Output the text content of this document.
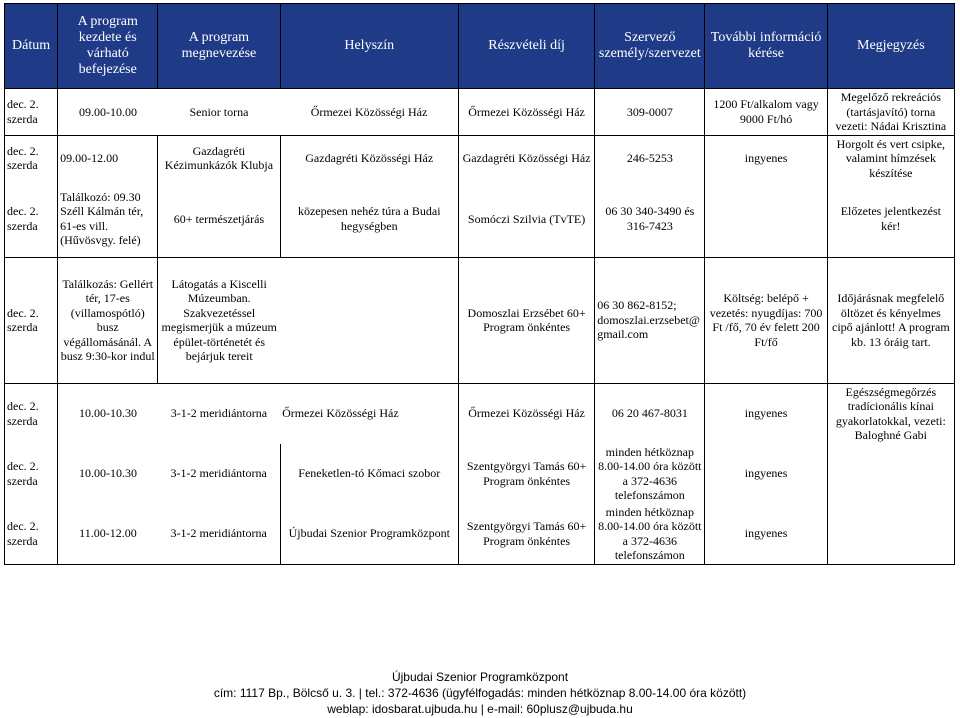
Dátum	A program kezdete és várható befejezése	A program megnevezése	Helyszín	Részvételi díj	Szervező személy/szervezet	További információ kérése	Megjegyzés
dec. 2. szerda	09.00-10.00	Senior torna	Őrmezei Közösségi Ház	Őrmezei Közösségi Ház	309-0007	1200 Ft/alkalom vagy 9000 Ft/hó	Megelőző rekreációs (tartásjavító) torna vezeti: Nádai Krisztina
dec. 2. szerda	09.00-12.00	Gazdagréti Kézimunkázók Klubja	Gazdagréti Közösségi Ház	Gazdagréti Közösségi Ház	246-5253	ingyenes	Horgolt és vert csipke, valamint hímzések készítése
dec. 2. szerda	Találkozó: 09.30 Széll Kálmán tér, 61-es vill. (Hűvösvgy. felé)	60+ természetjárás	közepesen nehéz túra a Budai hegységben	Somóczi Szilvia (TvTE)	06 30 340-3490 és 316-7423		Előzetes jelentkezést kér!
dec. 2. szerda	Találkozás: Gellért tér, 17-es (villamospótló) busz végállomásánál. A busz 9:30-kor indul	Látogatás a Kiscelli Múzeumban. Szakvezetéssel megismerjük a múzeum épület-történetét és bejárjuk tereit		Domoszlai Erzsébet 60+ Program önkéntes	06 30 862-8152; domoszlai.erzsebet@ gmail.com	Költség: belépő + vezetés: nyugdíjas: 700 Ft /fő, 70 év felett 200 Ft/fő	Időjárásnak megfelelő öltözet és kényelmes cipő ajánlott! A program kb. 13 óráig tart.
dec. 2. szerda	10.00-10.30	3-1-2 meridiántorna	Őrmezei Közösségi Ház	Őrmezei Közösségi Ház	06 20 467-8031	ingyenes	Egészségmegőrzés tradícionális kínai gyakorlatokkal, vezeti: Baloghné Gabi
dec. 2. szerda	10.00-10.30	3-1-2 meridiántorna	Feneketlen-tó Kőmaci szobor	Szentgyörgyi Tamás 60+ Program önkéntes	minden hétköznap 8.00-14.00 óra között a 372-4636 telefonszámon	ingyenes	
dec. 2. szerda	11.00-12.00	3-1-2 meridiántorna	Újbudai Szenior Programközpont	Szentgyörgyi Tamás 60+ Program önkéntes	minden hétköznap 8.00-14.00 óra között a 372-4636 telefonszámon	ingyenes	
Újbudai Szenior Programközpont
cím: 1117 Bp., Bölcső u. 3. | tel.: 372-4636 (ügyfélfogadás: minden hétköznap 8.00-14.00 óra között)
weblap: idosbarat.ujbuda.hu | e-mail: 60plusz@ujbuda.hu
